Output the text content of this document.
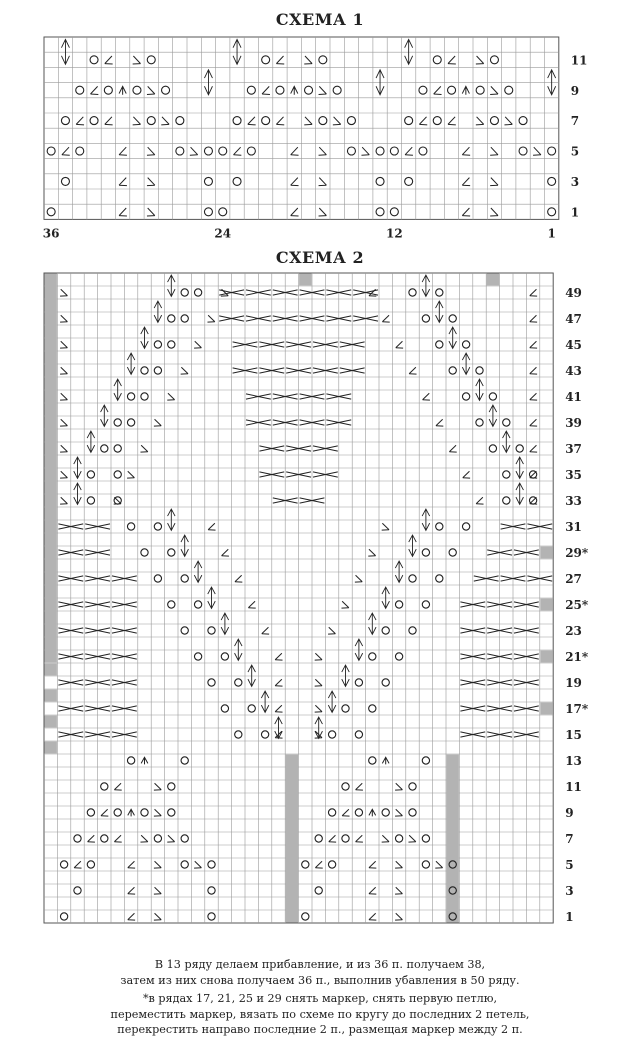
СХЕМА 1
СХЕМА 2
11
9
7
5
3
1
36	24	12	1
49
47
45
43
41
39
37
35
33
31
29*
27
25*
23
21*
19
17*
15
13
11
9
7
5
3
1
В 13 ряду делаем прибавление, и из 36 п. получаем 38,
затем из них снова получаем 36 п., выполнив убавления в 50 ряду.
*в рядах 17, 21, 25 и 29 снять маркер, снять первую петлю,
переместить маркер, вязать по схеме по кругу до последних 2 петель,
перекрестить направо последние 2 п., размещая маркер между 2 п.
